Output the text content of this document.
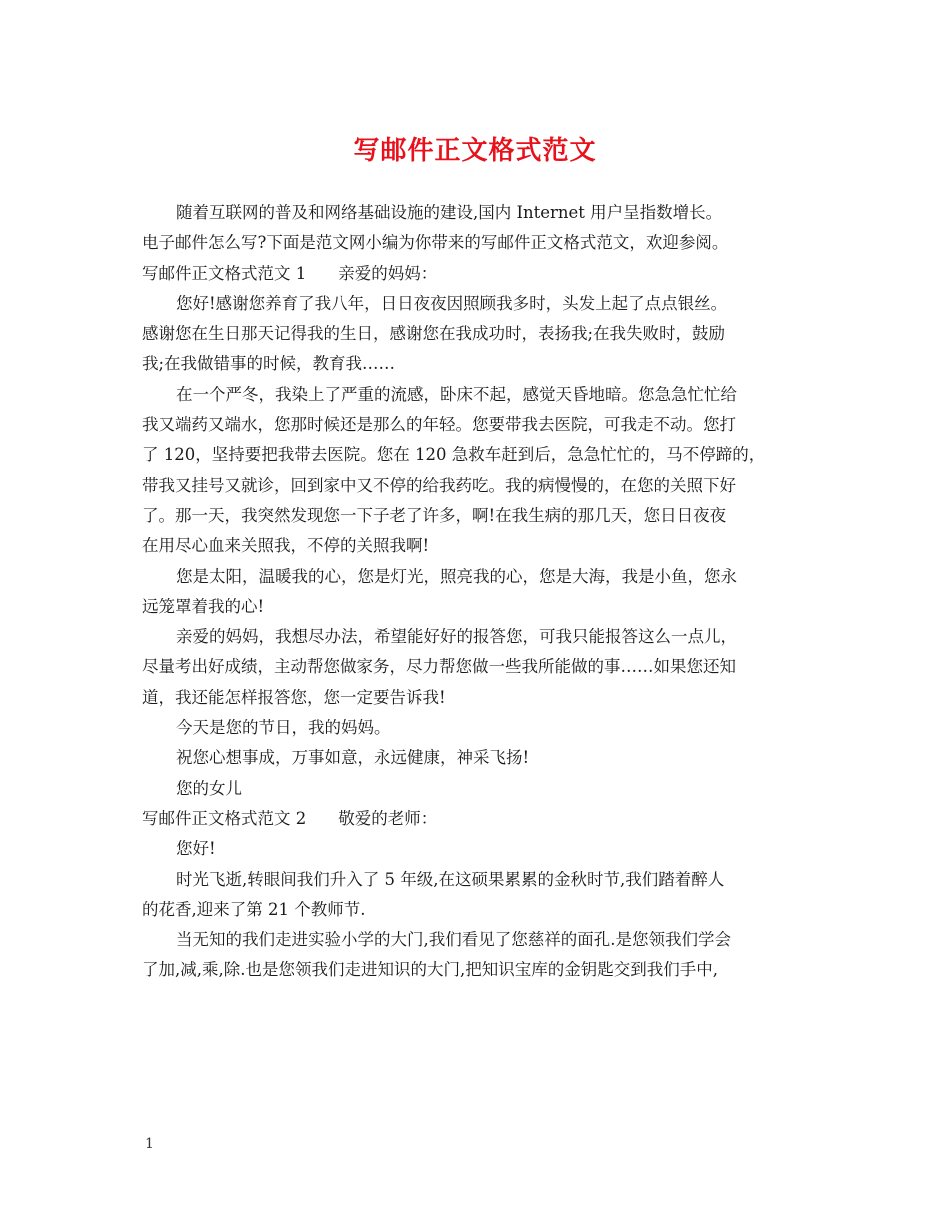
写邮件正文格式范文
随着互联网的普及和网络基础设施的建设,国内 Internet 用户呈指数增长。
电子邮件怎么写?下面是范文网小编为你带来的写邮件正文格式范文，欢迎参阅。
写邮件正文格式范文 1 亲爱的妈妈：
您好!感谢您养育了我八年，日日夜夜因照顾我多时，头发上起了点点银丝。
感谢您在生日那天记得我的生日，感谢您在我成功时，表扬我;在我失败时，鼓励
我;在我做错事的时候，教育我……
在一个严冬，我染上了严重的流感，卧床不起，感觉天昏地暗。您急急忙忙给
我又端药又端水，您那时候还是那么的年轻。您要带我去医院，可我走不动。您打
了 120，坚持要把我带去医院。您在 120 急救车赶到后，急急忙忙的，马不停蹄的，
带我又挂号又就诊，回到家中又不停的给我药吃。我的病慢慢的，在您的关照下好
了。那一天，我突然发现您一下子老了许多，啊!在我生病的那几天，您日日夜夜
在用尽心血来关照我，不停的关照我啊!
您是太阳，温暖我的心，您是灯光，照亮我的心，您是大海，我是小鱼，您永
远笼罩着我的心!
亲爱的妈妈，我想尽办法，希望能好好的报答您，可我只能报答这么一点儿，
尽量考出好成绩，主动帮您做家务，尽力帮您做一些我所能做的事……如果您还知
道，我还能怎样报答您，您一定要告诉我!
今天是您的节日，我的妈妈。
祝您心想事成，万事如意，永远健康，神采飞扬!
您的女儿
写邮件正文格式范文 2 敬爱的老师：
您好!
时光飞逝,转眼间我们升入了 5 年级,在这硕果累累的金秋时节,我们踏着醉人
的花香,迎来了第 21 个教师节.
当无知的我们走进实验小学的大门,我们看见了您慈祥的面孔.是您领我们学会
了加,减,乘,除.也是您领我们走进知识的大门,把知识宝库的金钥匙交到我们手中,
1
